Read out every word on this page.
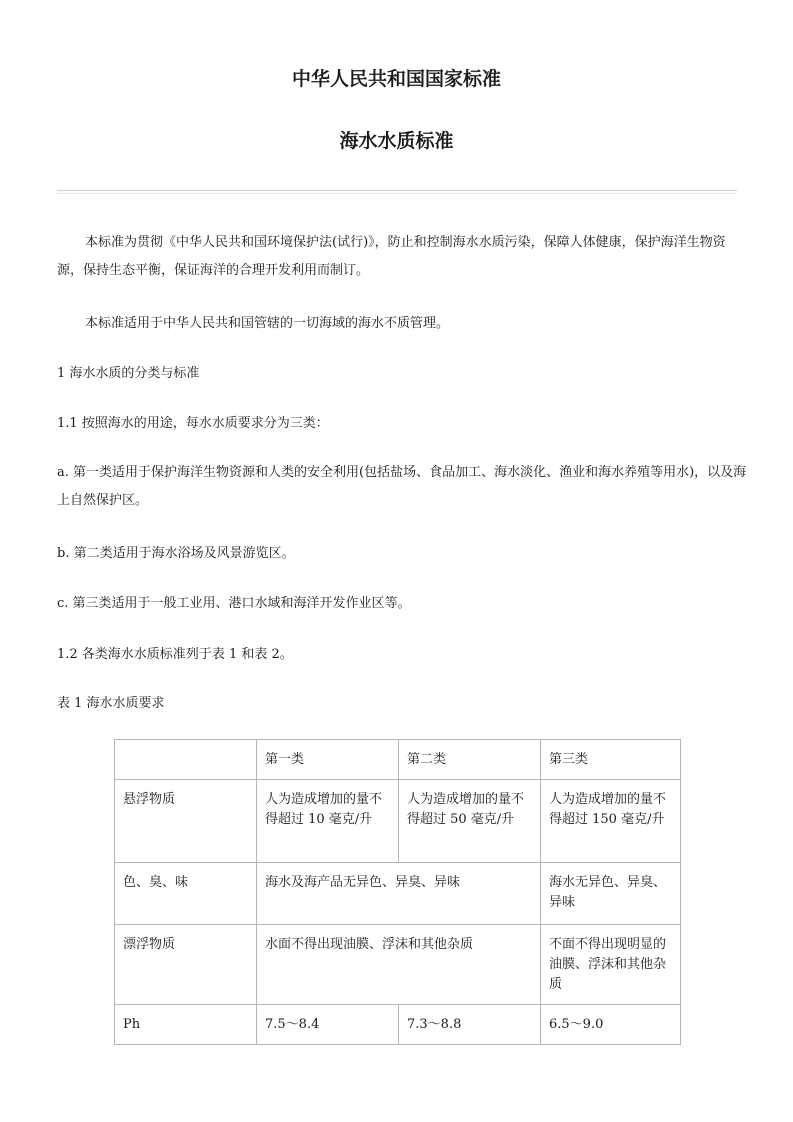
中华人民共和国国家标准
海水水质标准

本标准为贯彻《中华人民共和国环境保护法(试行)》，防止和控制海水水质污染，保障人体健康，保护海洋生物资源，保持生态平衡，保证海洋的合理开发利用而制订。

本标准适用于中华人民共和国管辖的一切海域的海水不质管理。

1 海水水质的分类与标准

1.1 按照海水的用途，每水水质要求分为三类：

a. 第一类适用于保护海洋生物资源和人类的安全利用(包括盐场、食品加工、海水淡化、渔业和海水养殖等用水)，以及海上自然保护区。

b. 第二类适用于海水浴场及风景游览区。

c. 第三类适用于一般工业用、港口水域和海洋开发作业区等。

1.2 各类海水水质标准列于表 1 和表 2。

表 1 海水水质要求

	第一类	第二类	第三类
悬浮物质	人为造成增加的量不得超过 10 毫克/升	人为造成增加的量不得超过 50 毫克/升	人为造成增加的量不得超过 150 毫克/升
色、臭、味	海水及海产品无异色、异臭、异味		海水无异色、异臭、异味
漂浮物质	水面不得出现油膜、浮沫和其他杂质		不面不得出现明显的油膜、浮沫和其他杂质
Ph	7.5～8.4	7.3～8.8	6.5～9.0
